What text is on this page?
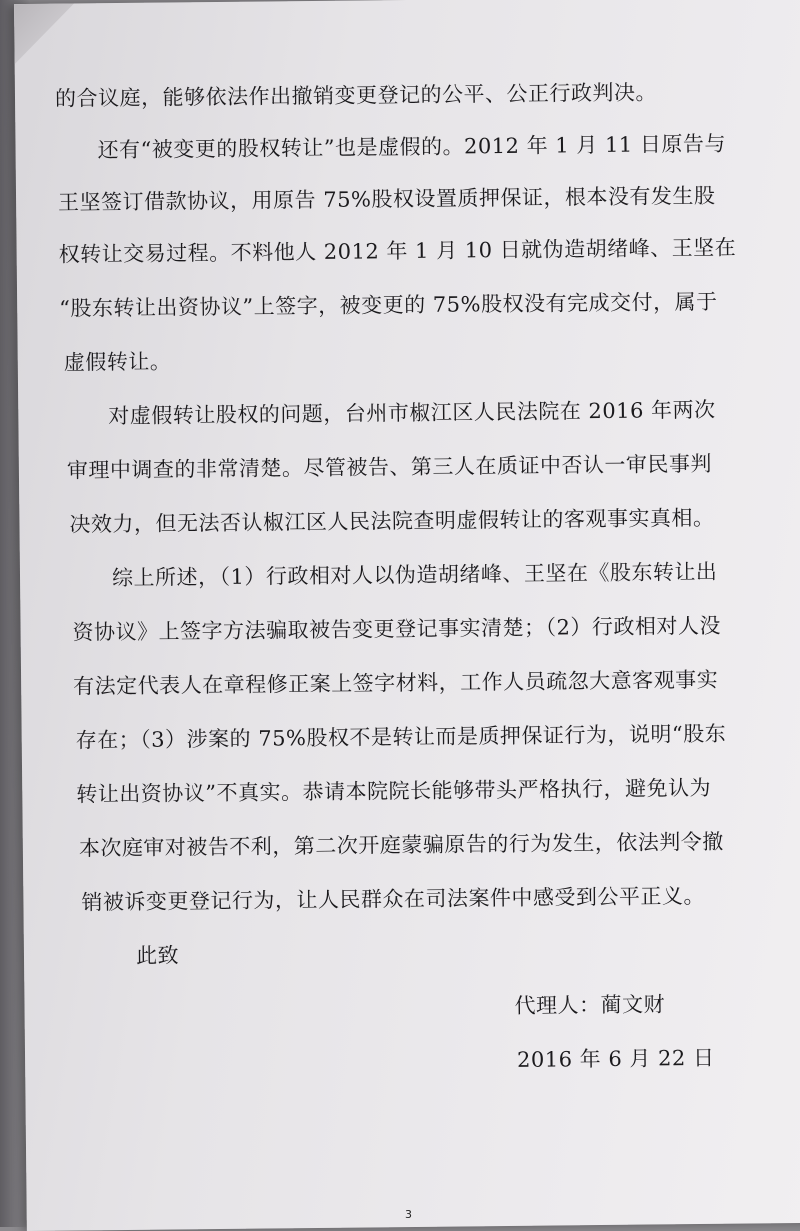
的合议庭，能够依法作出撤销变更登记的公平、公正行政判决。
还有“被变更的股权转让”也是虚假的。2012 年 1 月 11 日原告与
王坚签订借款协议，用原告 75%股权设置质押保证，根本没有发生股
权转让交易过程。不料他人 2012 年 1 月 10 日就伪造胡绪峰、王坚在
“股东转让出资协议”上签字，被变更的 75%股权没有完成交付，属于
虚假转让。
对虚假转让股权的问题，台州市椒江区人民法院在 2016 年两次
审理中调查的非常清楚。尽管被告、第三人在质证中否认一审民事判
决效力，但无法否认椒江区人民法院查明虚假转让的客观事实真相。
综上所述，（1）行政相对人以伪造胡绪峰、王坚在《股东转让出
资协议》上签字方法骗取被告变更登记事实清楚；（2）行政相对人没
有法定代表人在章程修正案上签字材料，工作人员疏忽大意客观事实
存在；（3）涉案的 75%股权不是转让而是质押保证行为，说明“股东
转让出资协议”不真实。恭请本院院长能够带头严格执行，避免认为
本次庭审对被告不利，第二次开庭蒙骗原告的行为发生，依法判令撤
销被诉变更登记行为，让人民群众在司法案件中感受到公平正义。
此致
代理人：蔺文财
2016 年 6 月 22 日
3
